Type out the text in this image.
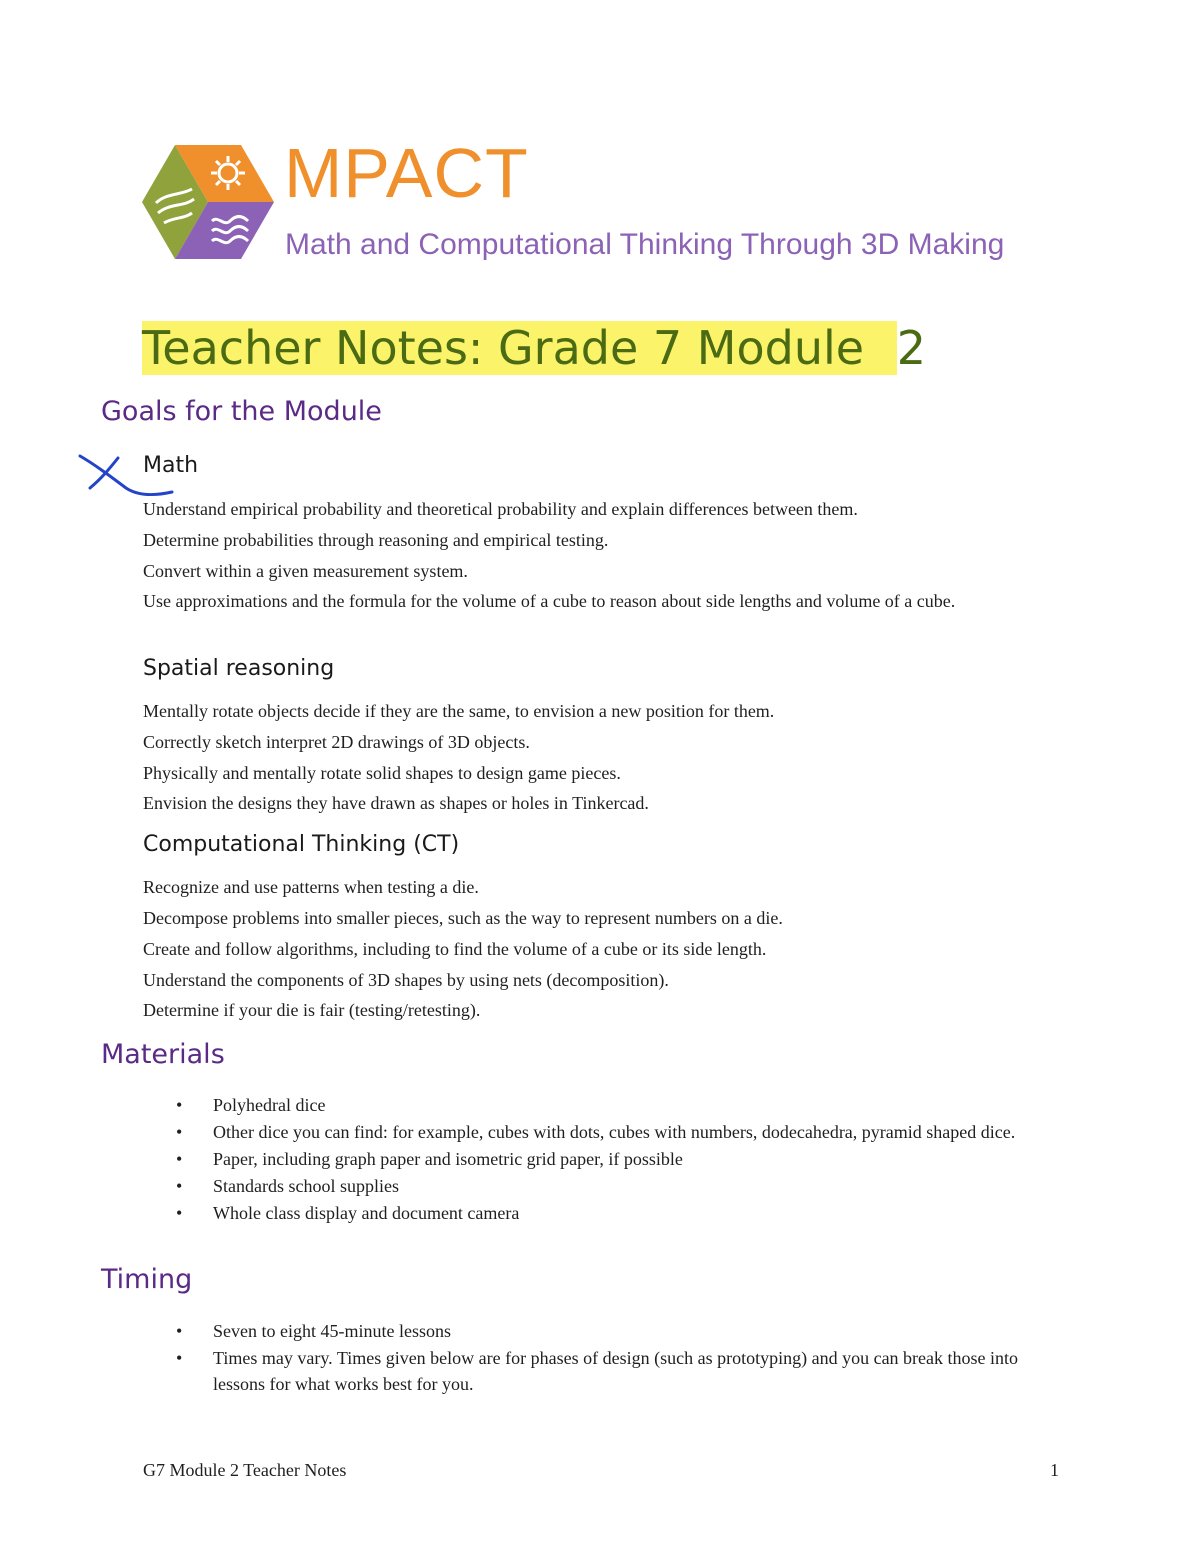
MPACT
Math and Computational Thinking Through 3D Making
Teacher Notes: Grade 7 Module 2
Goals for the Module
Math
Understand empirical probability and theoretical probability and explain differences between them.
Determine probabilities through reasoning and empirical testing.
Convert within a given measurement system.
Use approximations and the formula for the volume of a cube to reason about side lengths and volume of a cube.
Spatial reasoning
Mentally rotate objects decide if they are the same, to envision a new position for them.
Correctly sketch interpret 2D drawings of 3D objects.
Physically and mentally rotate solid shapes to design game pieces.
Envision the designs they have drawn as shapes or holes in Tinkercad.
Computational Thinking (CT)
Recognize and use patterns when testing a die.
Decompose problems into smaller pieces, such as the way to represent numbers on a die.
Create and follow algorithms, including to find the volume of a cube or its side length.
Understand the components of 3D shapes by using nets (decomposition).
Determine if your die is fair (testing/retesting).
Materials
• Polyhedral dice
• Other dice you can find: for example, cubes with dots, cubes with numbers, dodecahedra, pyramid shaped dice.
• Paper, including graph paper and isometric grid paper, if possible
• Standards school supplies
• Whole class display and document camera
Timing
• Seven to eight 45-minute lessons
• Times may vary. Times given below are for phases of design (such as prototyping) and you can break those into lessons for what works best for you.
G7 Module 2 Teacher Notes	1
